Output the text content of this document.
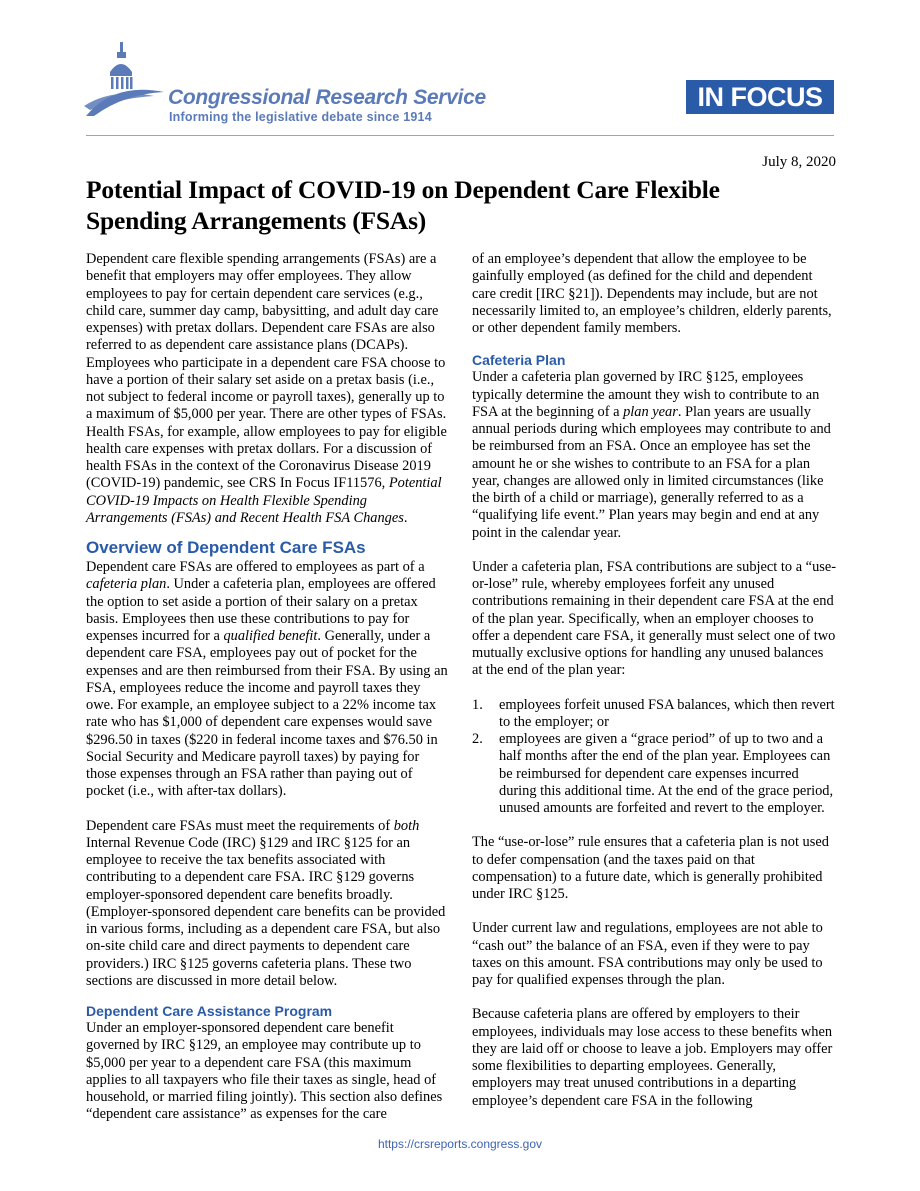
Congressional Research Service
Informing the legislative debate since 1914
IN FOCUS
July 8, 2020
Potential Impact of COVID-19 on Dependent Care Flexible Spending Arrangements (FSAs)

Dependent care flexible spending arrangements (FSAs) are a benefit that employers may offer employees. They allow employees to pay for certain dependent care services (e.g., child care, summer day camp, babysitting, and adult day care expenses) with pretax dollars. Dependent care FSAs are also referred to as dependent care assistance plans (DCAPs). Employees who participate in a dependent care FSA choose to have a portion of their salary set aside on a pretax basis (i.e., not subject to federal income or payroll taxes), generally up to a maximum of $5,000 per year. There are other types of FSAs. Health FSAs, for example, allow employees to pay for eligible health care expenses with pretax dollars. For a discussion of health FSAs in the context of the Coronavirus Disease 2019 (COVID-19) pandemic, see CRS In Focus IF11576, Potential COVID-19 Impacts on Health Flexible Spending Arrangements (FSAs) and Recent Health FSA Changes.

Overview of Dependent Care FSAs

Dependent care FSAs are offered to employees as part of a cafeteria plan. Under a cafeteria plan, employees are offered the option to set aside a portion of their salary on a pretax basis. Employees then use these contributions to pay for expenses incurred for a qualified benefit. Generally, under a dependent care FSA, employees pay out of pocket for the expenses and are then reimbursed from their FSA. By using an FSA, employees reduce the income and payroll taxes they owe. For example, an employee subject to a 22% income tax rate who has $1,000 of dependent care expenses would save $296.50 in taxes ($220 in federal income taxes and $76.50 in Social Security and Medicare payroll taxes) by paying for those expenses through an FSA rather than paying out of pocket (i.e., with after-tax dollars).

Dependent care FSAs must meet the requirements of both Internal Revenue Code (IRC) §129 and IRC §125 for an employee to receive the tax benefits associated with contributing to a dependent care FSA. IRC §129 governs employer-sponsored dependent care benefits broadly. (Employer-sponsored dependent care benefits can be provided in various forms, including as a dependent care FSA, but also on-site child care and direct payments to dependent care providers.) IRC §125 governs cafeteria plans. These two sections are discussed in more detail below.

Dependent Care Assistance Program

Under an employer-sponsored dependent care benefit governed by IRC §129, an employee may contribute up to $5,000 per year to a dependent care FSA (this maximum applies to all taxpayers who file their taxes as single, head of household, or married filing jointly). This section also defines “dependent care assistance” as expenses for the care

of an employee’s dependent that allow the employee to be gainfully employed (as defined for the child and dependent care credit [IRC §21]). Dependents may include, but are not necessarily limited to, an employee’s children, elderly parents, or other dependent family members.

Cafeteria Plan

Under a cafeteria plan governed by IRC §125, employees typically determine the amount they wish to contribute to an FSA at the beginning of a plan year. Plan years are usually annual periods during which employees may contribute to and be reimbursed from an FSA. Once an employee has set the amount he or she wishes to contribute to an FSA for a plan year, changes are allowed only in limited circumstances (like the birth of a child or marriage), generally referred to as a “qualifying life event.” Plan years may begin and end at any point in the calendar year.

Under a cafeteria plan, FSA contributions are subject to a “use-or-lose” rule, whereby employees forfeit any unused contributions remaining in their dependent care FSA at the end of the plan year. Specifically, when an employer chooses to offer a dependent care FSA, it generally must select one of two mutually exclusive options for handling any unused balances at the end of the plan year:

1. employees forfeit unused FSA balances, which then revert to the employer; or
2. employees are given a “grace period” of up to two and a half months after the end of the plan year. Employees can be reimbursed for dependent care expenses incurred during this additional time. At the end of the grace period, unused amounts are forfeited and revert to the employer.

The “use-or-lose” rule ensures that a cafeteria plan is not used to defer compensation (and the taxes paid on that compensation) to a future date, which is generally prohibited under IRC §125.

Under current law and regulations, employees are not able to “cash out” the balance of an FSA, even if they were to pay taxes on this amount. FSA contributions may only be used to pay for qualified expenses through the plan.

Because cafeteria plans are offered by employers to their employees, individuals may lose access to these benefits when they are laid off or choose to leave a job. Employers may offer some flexibilities to departing employees. Generally, employers may treat unused contributions in a departing employee’s dependent care FSA in the following

https://crsreports.congress.gov
